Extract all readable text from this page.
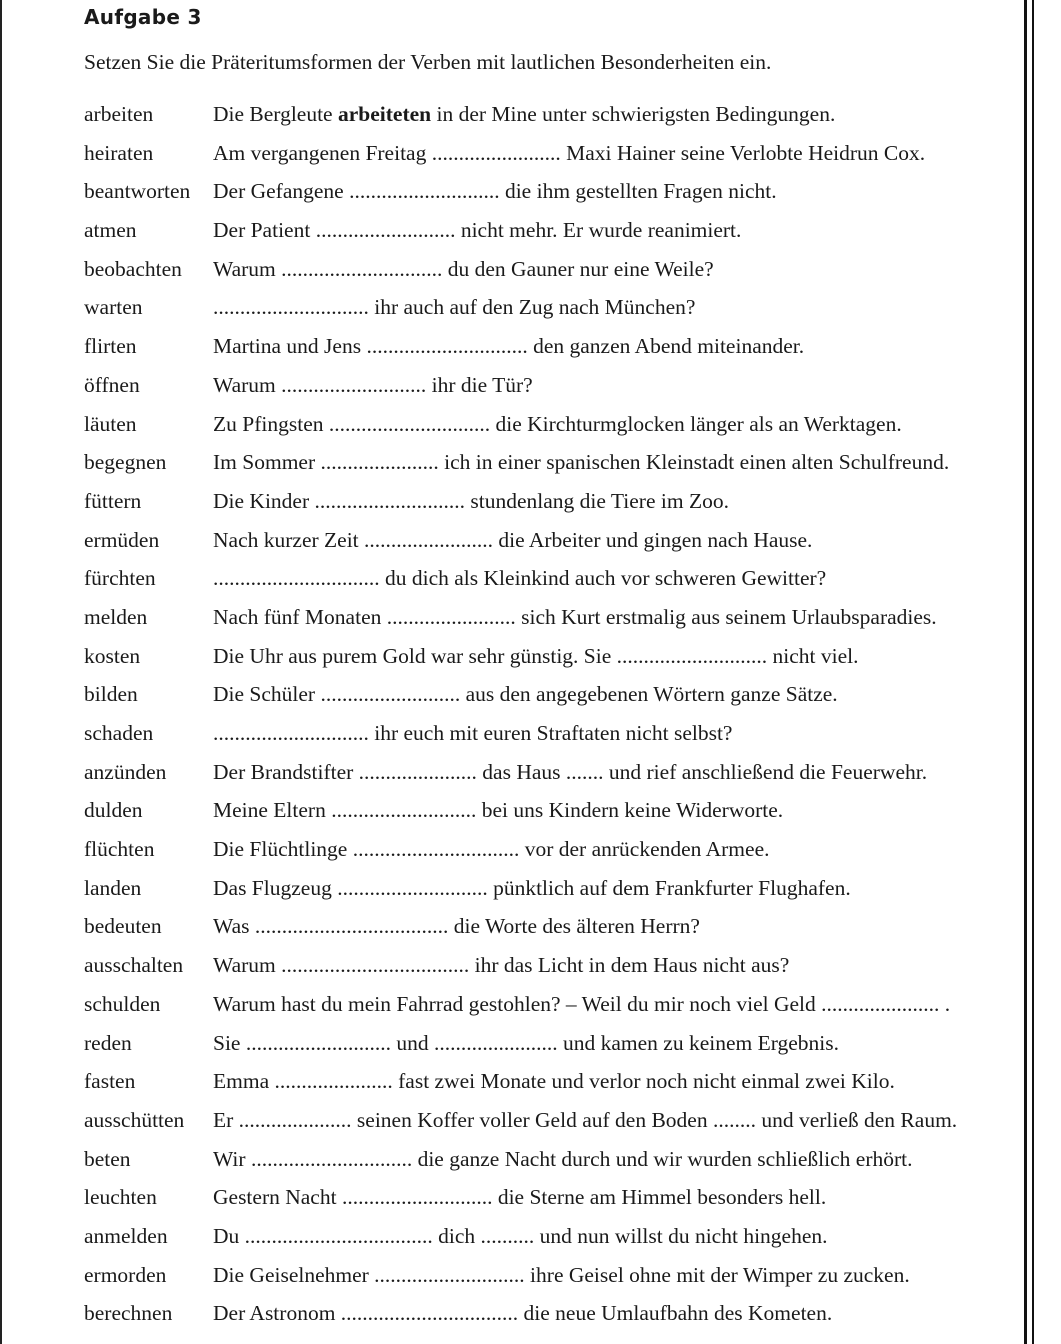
Aufgabe 3
Setzen Sie die Präteritumsformen der Verben mit lautlichen Besonderheiten ein.
arbeiten	Die Bergleute arbeiteten in der Mine unter schwierigsten Bedingungen.
heiraten	Am vergangenen Freitag ........................ Maxi Hainer seine Verlobte Heidrun Cox.
beantworten Der Gefangene ............................ die ihm gestellten Fragen nicht.
atmen	Der Patient .......................... nicht mehr. Er wurde reanimiert.
beobachten Warum .............................. du den Gauner nur eine Weile?
warten	............................. ihr auch auf den Zug nach München?
flirten	Martina und Jens .............................. den ganzen Abend miteinander.
öffnen	Warum ........................... ihr die Tür?
läuten	Zu Pfingsten .............................. die Kirchturmglocken länger als an Werktagen.
begegnen Im Sommer ...................... ich in einer spanischen Kleinstadt einen alten Schulfreund.
füttern	Die Kinder ............................ stundenlang die Tiere im Zoo.
ermüden	Nach kurzer Zeit ........................ die Arbeiter und gingen nach Hause.
fürchten	............................... du dich als Kleinkind auch vor schweren Gewitter?
melden	Nach fünf Monaten ........................ sich Kurt erstmalig aus seinem Urlaubsparadies.
kosten	Die Uhr aus purem Gold war sehr günstig. Sie ............................ nicht viel.
bilden	Die Schüler .......................... aus den angegebenen Wörtern ganze Sätze.
schaden	............................. ihr euch mit euren Straftaten nicht selbst?
anzünden Der Brandstifter ...................... das Haus ....... und rief anschließend die Feuerwehr.
dulden	Meine Eltern ........................... bei uns Kindern keine Widerworte.
flüchten	Die Flüchtlinge ............................... vor der anrückenden Armee.
landen	Das Flugzeug ............................ pünktlich auf dem Frankfurter Flughafen.
bedeuten Was .................................... die Worte des älteren Herrn?
ausschalten Warum ................................... ihr das Licht in dem Haus nicht aus?
schulden Warum hast du mein Fahrrad gestohlen? – Weil du mir noch viel Geld ...................... .
reden	Sie ........................... und ....................... und kamen zu keinem Ergebnis.
fasten	Emma ...................... fast zwei Monate und verlor noch nicht einmal zwei Kilo.
ausschütten Er ..................... seinen Koffer voller Geld auf den Boden ........ und verließ den Raum.
beten	Wir .............................. die ganze Nacht durch und wir wurden schließlich erhört.
leuchten	Gestern Nacht ............................ die Sterne am Himmel besonders hell.
anmelden Du ................................... dich .......... und nun willst du nicht hingehen.
ermorden Die Geiselnehmer ............................ ihre Geisel ohne mit der Wimper zu zucken.
berechnen Der Astronom ................................. die neue Umlaufbahn des Kometen.
